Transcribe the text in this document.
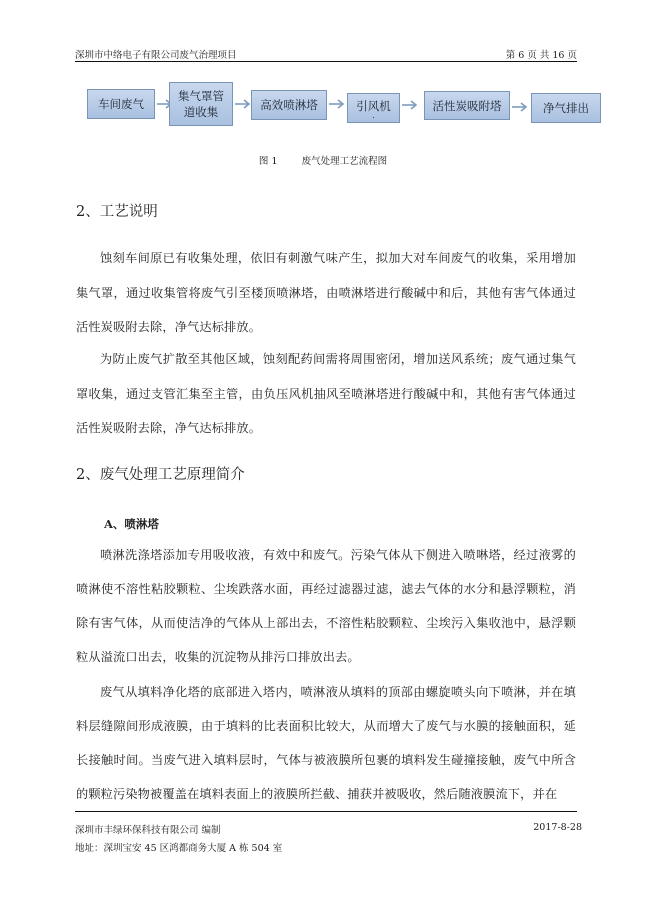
深圳市中络电子有限公司废气治理项目	第 6 页 共 16 页
车间废气
集气罩管
道收集	高效喷淋塔	引风机
.
活性炭吸附塔	净气排出
图 1	废气处理工艺流程图
2、工艺说明
蚀刻车间原已有收集处理，依旧有刺激气味产生，拟加大对车间废气的收集，采用增加集气罩，通过收集管将废气引至楼顶喷淋塔，由喷淋塔进行酸碱中和后，其他有害气体通过活性炭吸附去除，净气达标排放。
为防止废气扩散至其他区域，蚀刻配药间需将周围密闭，增加送风系统；废气通过集气罩收集，通过支管汇集至主管，由负压风机抽风至喷淋塔进行酸碱中和，其他有害气体通过活性炭吸附去除，净气达标排放。
2、废气处理工艺原理简介
A、喷淋塔
喷淋洗涤塔添加专用吸收液，有效中和废气。污染气体从下侧进入喷啉塔，经过液雾的喷淋使不溶性粘胶颗粒、尘埃跌落水面，再经过滤器过滤，滤去气体的水分和悬浮颗粒，消除有害气体，从而使洁净的气体从上部出去，不溶性粘胶颗粒、尘埃污入集收池中，悬浮颗粒从溢流口出去，收集的沉淀物从排污口排放出去。
废气从填料净化塔的底部进入塔内，喷淋液从填料的顶部由螺旋喷头向下喷淋，并在填料层缝隙间形成液膜，由于填料的比表面积比较大，从而增大了废气与水膜的接触面积，延长接触时间。当废气进入填料层时，气体与被液膜所包裹的填料发生碰撞接触，废气中所含的颗粒污染物被覆盖在填料表面上的液膜所拦截、捕获并被吸收，然后随液膜流下，并在
深圳市丰绿环保科技有限公司 编制	2017-8-28
地址：深圳宝安 45 区鸿都商务大厦 A 栋 504 室
